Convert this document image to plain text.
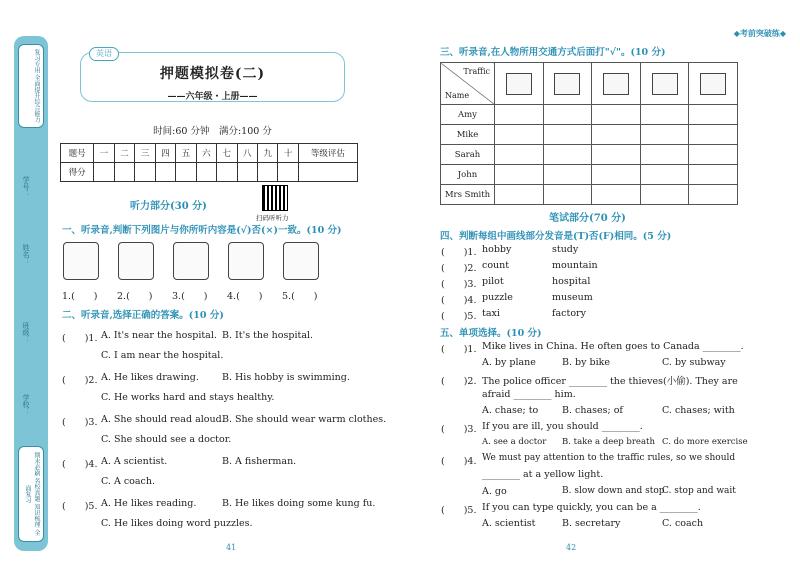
复习专用 全面提升综合能力
期末必刷 名校真题 知识梳理 全面复习
学号：
姓名：
班级：
学校：
英语
押题模拟卷(二)
——六年级・上册——
时间:60 分钟　满分:100 分
题号	一	二	三	四	五	六	七	八	九	十	等级评估
得分											
听力部分(30 分)
扫码听听力
一、听录音,判断下列图片与你所听内容是(√)否(×)一致。(10 分)
1.(　　) 2.(　　) 3.(　　) 4.(　　) 5.(　　)
二、听录音,选择正确的答案。(10 分)
(　　)1. A. It's near the hospital. B. It's the hospital.
C. I am near the hospital.
(　　)2. A. He likes drawing. B. His hobby is swimming.
C. He works hard and stays healthy.
(　　)3. A. She should read aloud.
B. She should wear warm clothes.
C. She should see a doctor.
(　　)4. A. A scientist.	B. A fisherman.
C. A coach.
(　　)5. A. He likes reading.	B. He likes doing some kung fu.
C. He likes doing word puzzles.
41
◆考前突破练◆
三、听录音,在人物所用交通方式后面打"√"。(10 分)
Traffic
Name					

Amy					
Mike					
Sarah					
John					
Mrs Smith					
笔试部分(70 分)
四、判断每组中画线部分发音是(T)否(F)相同。(5 分)
(　　)1. hobby	study
(　　)2. count	mountain
(　　)3. pilot	hospital
(　　)4. puzzle	museum
(　　)5. taxi	factory
五、单项选择。(10 分)
(　　)1. Mike lives in China. He often goes to Canada ________.
A. by plane	B. by bike	C. by subway
(　　)2. The police officer ________ the thieves(小偷). They are
afraid ________ him.
A. chase; to B. chases; of	C. chases; with
(　　)3. If you are ill, you should ________.
A. see a doctor B. take a deep breath C. do more exercise
(　　)4. We must pay attention to the traffic rules, so we should
________ at a yellow light.
A. go	B. slow down and stop
C. stop and wait
(　　)5. If you can type quickly, you can be a ________.
A. scientist	B. secretary	C. coach
42
